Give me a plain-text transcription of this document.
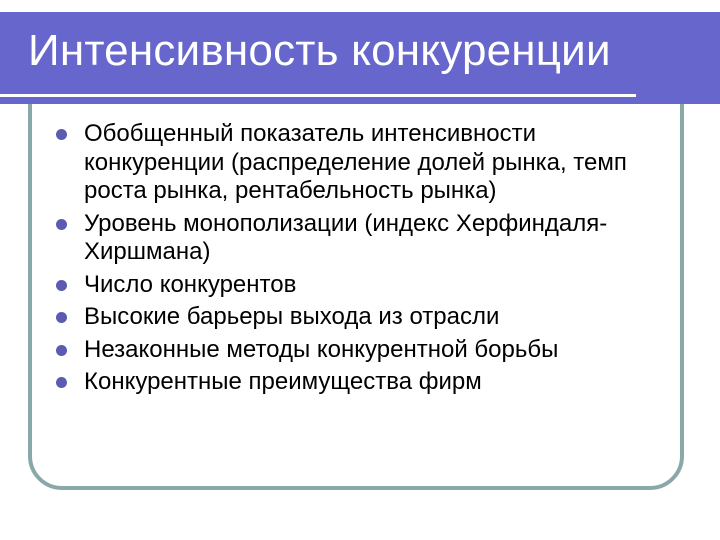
Интенсивность конкуренции
Обобщенный показатель интенсивности конкуренции (распределение долей рынка, темп роста рынка, рентабельность рынка)
Уровень монополизации (индекс Херфиндаля-Хиршмана)
Число конкурентов
Высокие барьеры выхода из отрасли
Незаконные методы конкурентной борьбы
Конкурентные преимущества фирм
